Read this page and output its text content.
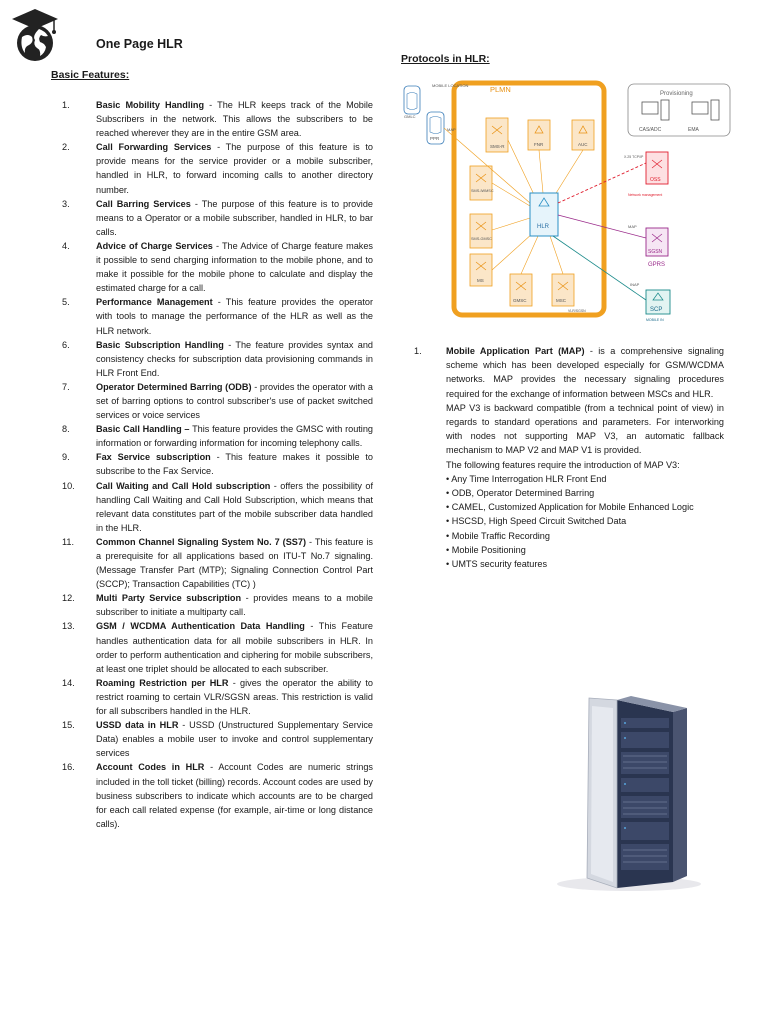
One Page HLR
Basic Features:
Protocols in HLR:
1.	Basic Mobility Handling - The HLR keeps track of the Mobile Subscribers in the network. This allows the subscribers to be reached wherever they are in the entire GSM area.
2.	Call Forwarding Services - The purpose of this feature is to provide means for the service provider or a mobile subscriber, handled in HLR, to forward incoming calls to another directory number.
3.	Call Barring Services - The purpose of this feature is to provide means to a Operator or a mobile subscriber, handled in HLR, to bar calls.
4.	Advice of Charge Services - The Advice of Charge feature makes it possible to send charging information to the mobile phone, and to make it possible for the mobile phone to calculate and display the estimated charge for a call.
5.	Performance Management - This feature provides the operator with tools to manage the performance of the HLR as well as the HLR network.
6.	Basic Subscription Handling - The feature provides syntax and consistency checks for subscription data provisioning commands in HLR Front End.
7.	Operator Determined Barring (ODB) - provides the operator with a set of barring options to control subscriber's use of packet switched services or voice services
8.	Basic Call Handling – This feature provides the GMSC with routing information or forwarding information for incoming telephony calls.
9.	Fax Service subscription - This feature makes it possible to subscribe to the Fax Service.
10.	Call Waiting and Call Hold subscription - offers the possibility of handling Call Waiting and Call Hold Subscription, which means that relevant data constitutes part of the mobile subscriber data handled in the HLR.
11.	Common Channel Signaling System No. 7 (SS7) - This feature is a prerequisite for all applications based on ITU-T No.7 signaling. (Message Transfer Part (MTP); Signaling Connection Control Part (SCCP); Transaction Capabilities (TC) )
12.	Multi Party Service subscription - provides means to a mobile subscriber to initiate a multiparty call.
13.	GSM / WCDMA Authentication Data Handling - This Feature handles authentication data for all mobile subscribers in HLR. In order to perform authentication and ciphering for mobile subscribers, at least one triplet should be allocated to each subscriber.
14.	Roaming Restriction per HLR - gives the operator the ability to restrict roaming to certain VLR/SGSN areas. This restriction is valid for all subscribers handled in the HLR.
15.	USSD data in HLR - USSD (Unstructured Supplementary Service Data) enables a mobile user to invoke and control supplementary services
16.	Account Codes in HLR - Account Codes are numeric strings included in the toll ticket (billing) records. Account codes are used by business subscribers to indicate which accounts are to be charged for each call related expense (for example, air-time or long distance calls).
PLMN
GMLC
MOBILE LOCATION
PPR
MAP
SMS-R	FNR	AUC
SMS-IWMSC
SMS-GMSC
MS
GMSC	MSC
VLR/SGSN
HLR	MAP
INAP
X.25 TCP/IP
Provisioning
CAS/ADC	EMA
OSS
Network management
SGSN
GPRS
SCP
MOBILE IN
1.	Mobile Application Part (MAP) - is a comprehensive signaling scheme which has been developed especially for GSM/WCDMA networks. MAP provides the necessary signaling procedures required for the exchange of information between MSCs and HLR.

MAP V3 is backward compatible (from a technical point of view) in regards to standard operations and parameters. For interworking with nodes not supporting MAP V3, an automatic fallback mechanism to MAP V2 and MAP V1 is provided.

The following features require the introduction of MAP V3:

• Any Time Interrogation HLR Front End
• ODB, Operator Determined Barring
• CAMEL, Customized Application for Mobile Enhanced Logic
• HSCSD, High Speed Circuit Switched Data
• Mobile Traffic Recording
• Mobile Positioning
• UMTS security features
